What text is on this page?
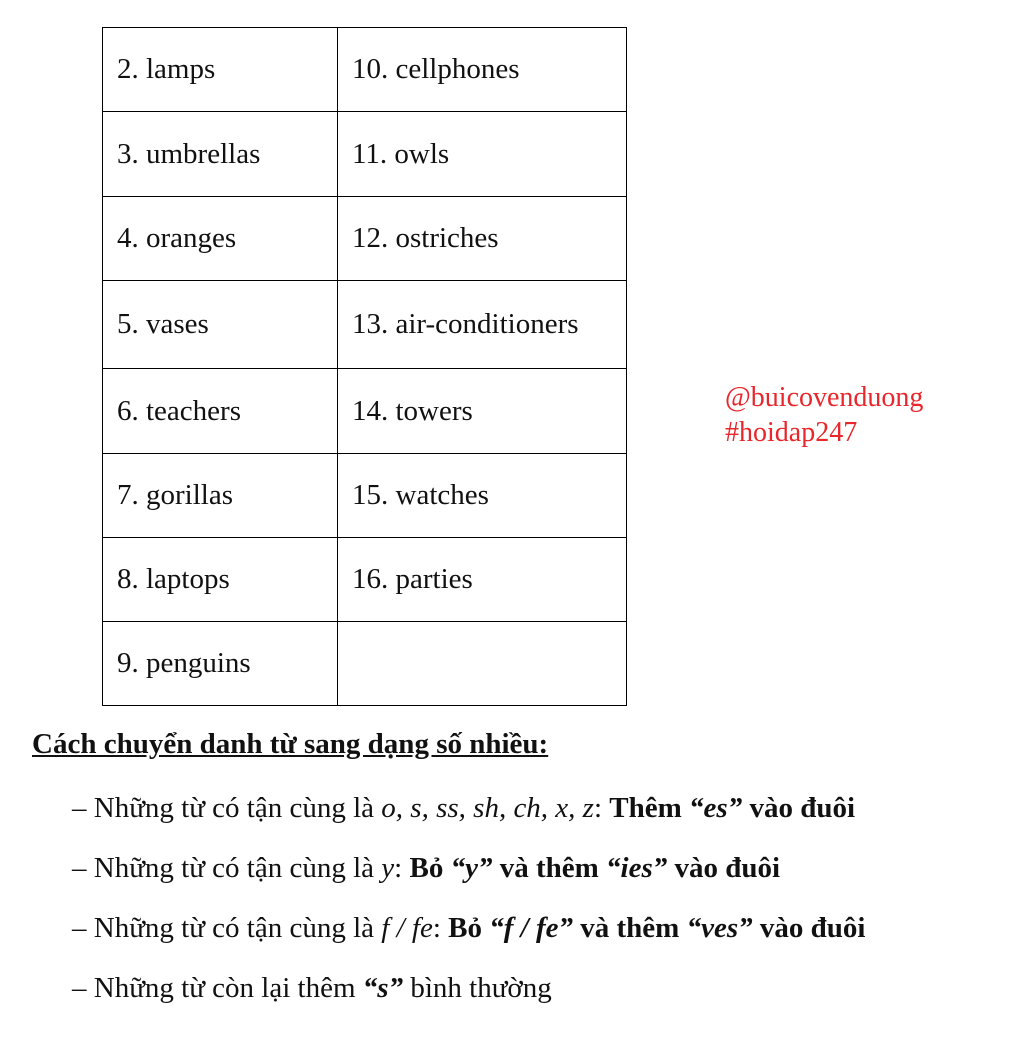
2. lamps	10. cellphones
3. umbrellas	11. owls
4. oranges	12. ostriches
5. vases	13. air-conditioners
6. teachers	14. towers
7. gorillas	15. watches
8. laptops	16. parties
9. penguins	
@buicovenduong
#hoidap247
Cách chuyển danh từ sang dạng số nhiều:
– Những từ có tận cùng là o, s, ss, sh, ch, x, z: Thêm “es” vào đuôi
– Những từ có tận cùng là y: Bỏ “y” và thêm “ies” vào đuôi
– Những từ có tận cùng là f / fe: Bỏ “f / fe” và thêm “ves” vào đuôi
– Những từ còn lại thêm “s” bình thường
